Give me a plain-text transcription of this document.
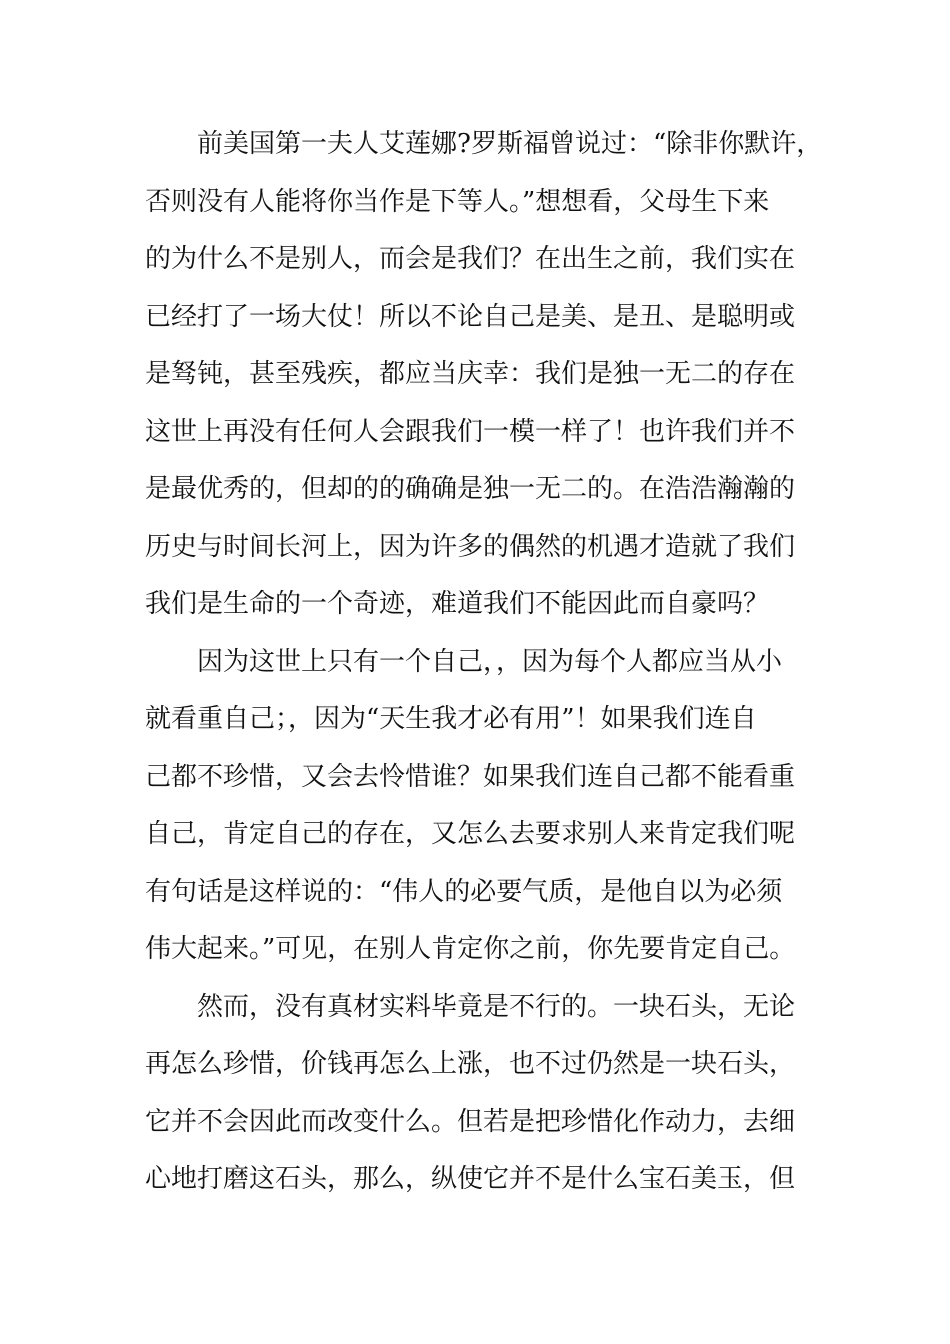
前美国第一夫人艾莲娜?罗斯福曾说过：“除非你默许，
否则没有人能将你当作是下等人。”想想看，父母生下来
的为什么不是别人，而会是我们？在出生之前，我们实在
已经打了一场大仗！所以不论自己是美、是丑、是聪明或
是驽钝，甚至残疾，都应当庆幸：我们是独一无二的存在
这世上再没有任何人会跟我们一模一样了！也许我们并不
是最优秀的，但却的的确确是独一无二的。在浩浩瀚瀚的
历史与时间长河上，因为许多的偶然的机遇才造就了我们
我们是生命的一个奇迹，难道我们不能因此而自豪吗？
因为这世上只有一个自己，，因为每个人都应当从小
就看重自己；，因为“天生我才必有用”！如果我们连自
己都不珍惜，又会去怜惜谁？如果我们连自己都不能看重
自己，肯定自己的存在，又怎么去要求别人来肯定我们呢
有句话是这样说的：“伟人的必要气质，是他自以为必须
伟大起来。”可见，在别人肯定你之前，你先要肯定自己。
然而，没有真材实料毕竟是不行的。一块石头，无论
再怎么珍惜，价钱再怎么上涨，也不过仍然是一块石头，
它并不会因此而改变什么。但若是把珍惜化作动力，去细
心地打磨这石头，那么，纵使它并不是什么宝石美玉，但
